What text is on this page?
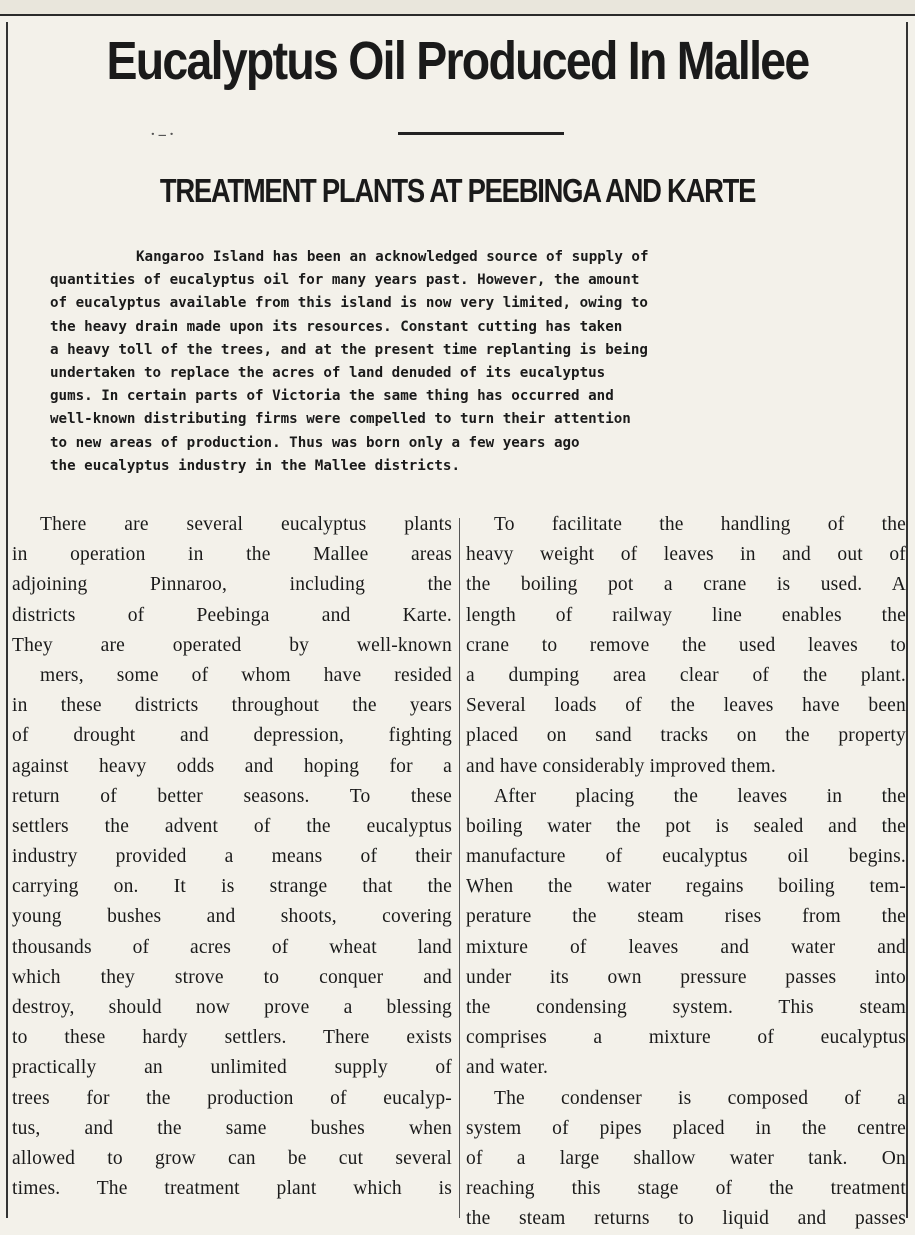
Eucalyptus Oil Produced In Mallee
·–·
TREATMENT PLANTS AT PEEBINGA AND KARTE
Kangaroo Island has been an acknowledged source of supply of
quantities of eucalyptus oil for many years past. However, the amount
of eucalyptus available from this island is now very limited, owing to
the heavy drain made upon its resources. Constant cutting has taken
a heavy toll of the trees, and at the present time replanting is being
undertaken to replace the acres of land denuded of its eucalyptus
gums. In certain parts of Victoria the same thing has occurred and
well-known distributing firms were compelled to turn their attention
to new areas of production. Thus was born only a few years ago
the eucalyptus industry in the Mallee districts.
There are several eucalyptus plants
in operation in the Mallee areas
adjoining Pinnaroo, including the
districts of Peebinga and Karte.
They are operated by well-known
mers, some of whom have resided
in these districts throughout the years
of drought and depression, fighting
against heavy odds and hoping for a
return of better seasons. To these
settlers the advent of the eucalyptus
industry provided a means of their
carrying on. It is strange that the
young bushes and shoots, covering
thousands of acres of wheat land
which they strove to conquer and
destroy, should now prove a blessing
to these hardy settlers. There exists
practically an unlimited supply of
trees for the production of eucalyp-
tus, and the same bushes when
allowed to grow can be cut several
times. The treatment plant which is
To facilitate the handling of the
heavy weight of leaves in and out of
the boiling pot a crane is used. A
length of railway line enables the
crane to remove the used leaves to
a dumping area clear of the plant.
Several loads of the leaves have been
placed on sand tracks on the property
and have considerably improved them.
After placing the leaves in the
boiling water the pot is sealed and the
manufacture of eucalyptus oil begins.
When the water regains boiling tem-
perature the steam rises from the
mixture of leaves and water and
under its own pressure passes into
the condensing system. This steam
comprises a mixture of eucalyptus
and water.
The condenser is composed of a
system of pipes placed in the centre
of a large shallow water tank. On
reaching this stage of the treatment
the steam returns to liquid and passes
